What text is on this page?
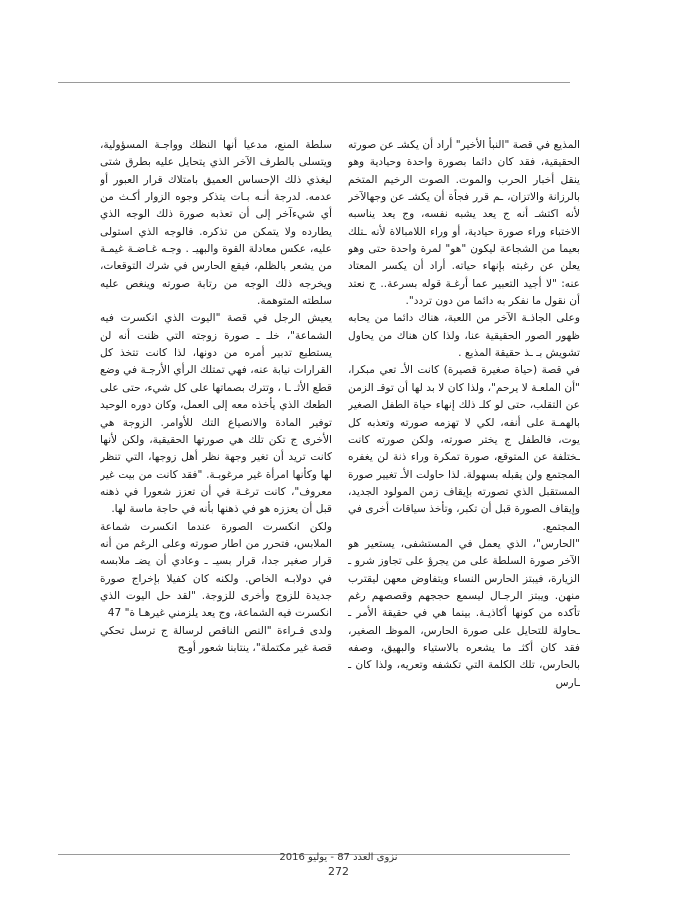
المذيع في قصة "النبأ الأخير" أراد أن يكشـ عن صورته الحقيقية، فقد كان دائما بصورة واحدة وحيادية وهو ينقل أخبار الحرب والموت. الصوت الرخيم المتخم بالرزانة والاتزان، ـم قرر فجأة أن يكشـ عن وجهالآخر لأنه اكتشـ أنه ج يعد يشبه نفسه، وج يعد يناسبه الاختباء وراء صورة حيادية، أو وراء اللامبالاة لأنه ـتلك بعيما من الشجاعة ليكون "هو" لمرة واحدة حتى وهو يعلن عن رغبته بإنهاء حياته. أراد أن يكسر المعتاد عنه: "لا أجيد التعبير عما أرغـة قوله بسرعة.. ج نعتد أن نقول ما نفكر به دائما من دون تردد".

وعلى الجاذـة الآخر من اللعبة، هناك دائما من يحابه ظهور الصور الحقيقية عنا، ولذا كان هناك من يحاول تشويش بـ ـذ حقيقة المذيع .

في قصة (حياة صغيرة قصيرة) كانت الأـ تعي مبكرا، "أن الملعـة لا يرحم"، ولذا كان لا بد لها أن توقـ الزمن عن التقلب، حتى لو كلـ ذلك إنهاء حياة الطفل الصغير بالهمـة على أنفه، لكي لا تهزمه صورته وتعذبه كل يوت، فالطفل ج يختر صورته، ولكن صورته كانت ـختلفة عن المتوقع، صورة تمكرة وراء ذنة لن يغفره المجتمع ولن يقبله بسهولة. لذا حاولت الأـ تغيير صورة المستقبل الذي تصورته بإيقاف زمن المولود الجديد، وإيقاف الصورة قبل أن تكبر، وتأخذ سياقات أخرى في المجتمع.

"الحارس"، الذي يعمل في المستشفى، يستعير هو الآخر صورة السلطة على من يجرؤ على تجاوز شرو ـ الزيارة، فيبتز الحارس النساء ويتفاوض معهن ليقترب منهن. ويبتز الرجـال ليسمع حججهم وقصصهم رغم تأكده من كونها أكاذيـة. بينما هي في حقيقة الأمر ـ ـحاولة للتحايل على صورة الحارس، الموظـ الصغير، فقد كان أكثـ ما يشعره بالاستياء والبهيق، وصفه بالحارس، تلك الكلمة التي تكشفه وتعريه، ولذا كان ـ ـارس

سلطة المنع، مدعيا أنها النظك وواجـة المسؤولية، ويتسلى بالطرف الآخر الذي يتحايل عليه بطرق شتى ليغذي ذلك الإحساس العميق بامتلاك قرار العبور أو عدمه. لدرجة أنـه بـات يتذكر وجوه الزوار أكـث من أي شيءآخر إلى أن تعذبه صورة ذلك الوجه الذي يطارده ولا يتمكن من تذكره. فالوجه الذي استولى عليه، عكس معادلة القوة والبهيـ . وجـه غـاضـة غيمـة من يشعر بالظلم، فيقع الحارس في شرك التوقعات، ويخرجه ذلك الوجه من رتابة صورته وينغص عليه سلطته المتوهمة.

يعيش الرجل في قصة "اليوت الذي انكسرت فيه الشماعة"، خلـ ـ صورة زوجته التي ظنت أنه لن يستطيع تدبير أمره من دونها، لذا كانت تتخذ كل القرارات نيابة عنه، فهي تمتلك الرأي الأرجـة في وضع قطع الأثـ ـا ، وتترك بصماتها على كل شيء، حتى على الطعك الذي يأخذه معه إلى العمل، وكان دوره الوحيد توفير المادة والانصياع التك للأوامر. الزوجة هي الأخرى ج تكن تلك هي صورتها الحقيقية، ولكن لأنها كانت تريد أن تغير وجهة نظر أهل زوجها، التي تنظر لها وكأنها امرأة غير مرغوبـة. "فقد كانت من بيت غير معروف"، كانت ترغـة في أن تعزز شعورا في ذهنه قبل أن يعززه هو في ذهنها بأنه في حاجة ماسة لها.

ولكن انكسرت الصورة عندما انكسرت شماعة الملابس، فتحرر من اطار صورته وعلى الرغم من أنه قرار صغير جدا، قرار بسيـ ـ وعادي أن يضـ ملابسه في دولابـه الخاص. ولكنه كان كفيلا بإخراج صورة جديدة للزوج وأخرى للزوجة. "لقد حل اليوت الذي انكسرت فيه الشماعة، وج يعد يلزمني غيرهـا ة" 47

ولدى قـراءة "النص الناقص لرسالة ج ترسل تحكي قصة غير مكتملة"، ينتابنا شعور أوـح

نزوى العدد 87 - يوليو 2016
272
